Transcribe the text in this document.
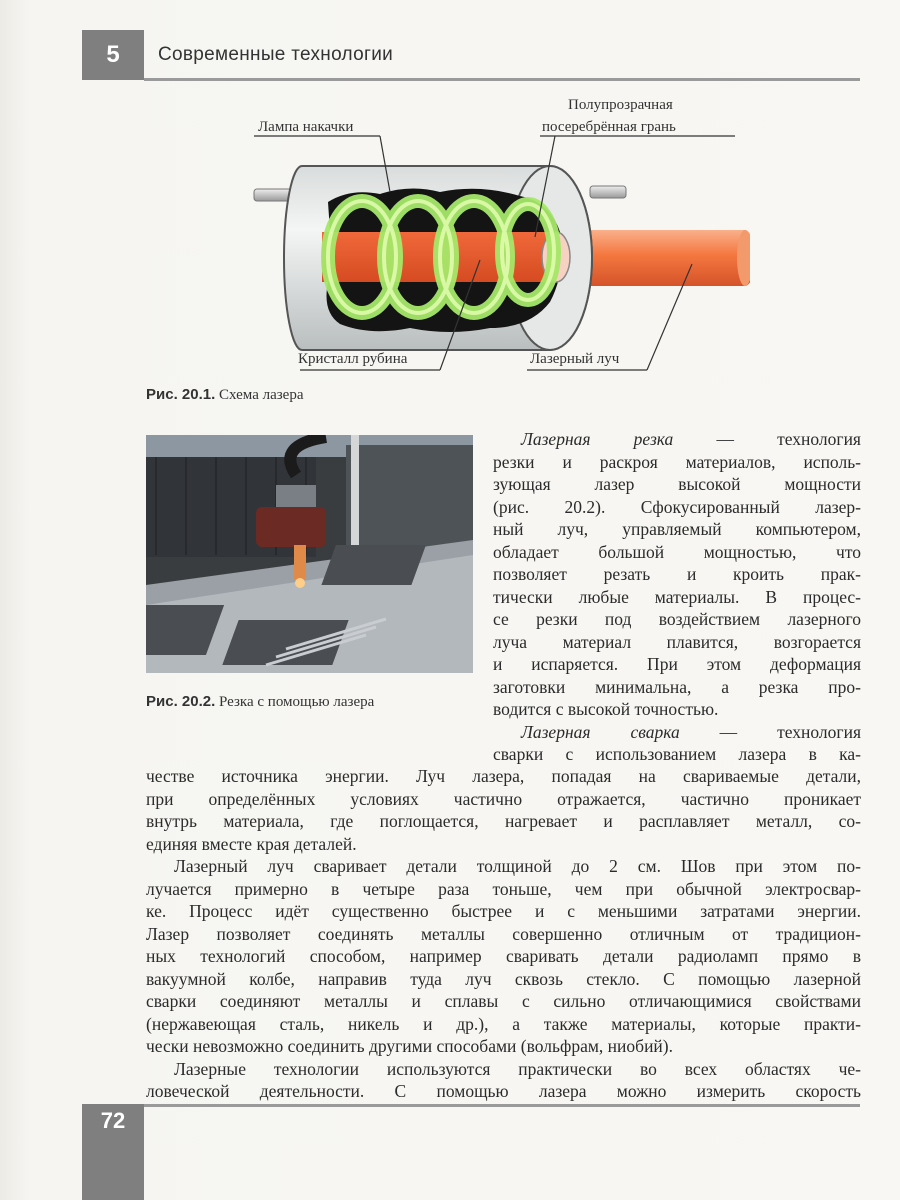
5 Современные технологии
Лампа накачки
Полупрозрачная
посеребрённая грань
Кристалл рубина	Лазерный луч
Рис. 20.1. Схема лазера
Рис. 20.2. Резка с помощью лазера
Лазерная резка — технология
резки и раскроя материалов, исполь-
зующая лазер высокой мощности
(рис. 20.2). Сфокусированный лазер-
ный луч, управляемый компьютером,
обладает большой мощностью, что
позволяет резать и кроить прак-
тически любые материалы. В процес-
се резки под воздействием лазерного
луча материал плавится, возгорается
и испаряется. При этом деформация
заготовки минимальна, а резка про-
водится с высокой точностью.
Лазерная сварка — технология
сварки с использованием лазера в ка-
честве источника энергии. Луч лазера, попадая на свариваемые детали,
при определённых условиях частично отражается, частично проникает
внутрь материала, где поглощается, нагревает и расплавляет металл, со-
единяя вместе края деталей.
Лазерный луч сваривает детали толщиной до 2 см. Шов при этом по-
лучается примерно в четыре раза тоньше, чем при обычной электросвар-
ке. Процесс идёт существенно быстрее и с меньшими затратами энергии.
Лазер позволяет соединять металлы совершенно отличным от традицион-
ных технологий способом, например сваривать детали радиоламп прямо в
вакуумной колбе, направив туда луч сквозь стекло. С помощью лазерной
сварки соединяют металлы и сплавы с сильно отличающимися свойствами
(нержавеющая сталь, никель и др.), а также материалы, которые практи-
чески невозможно соединить другими способами (вольфрам, ниобий).
Лазерные технологии используются практически во всех областях че-
ловеческой деятельности. С помощью лазера можно измерить скорость
72
